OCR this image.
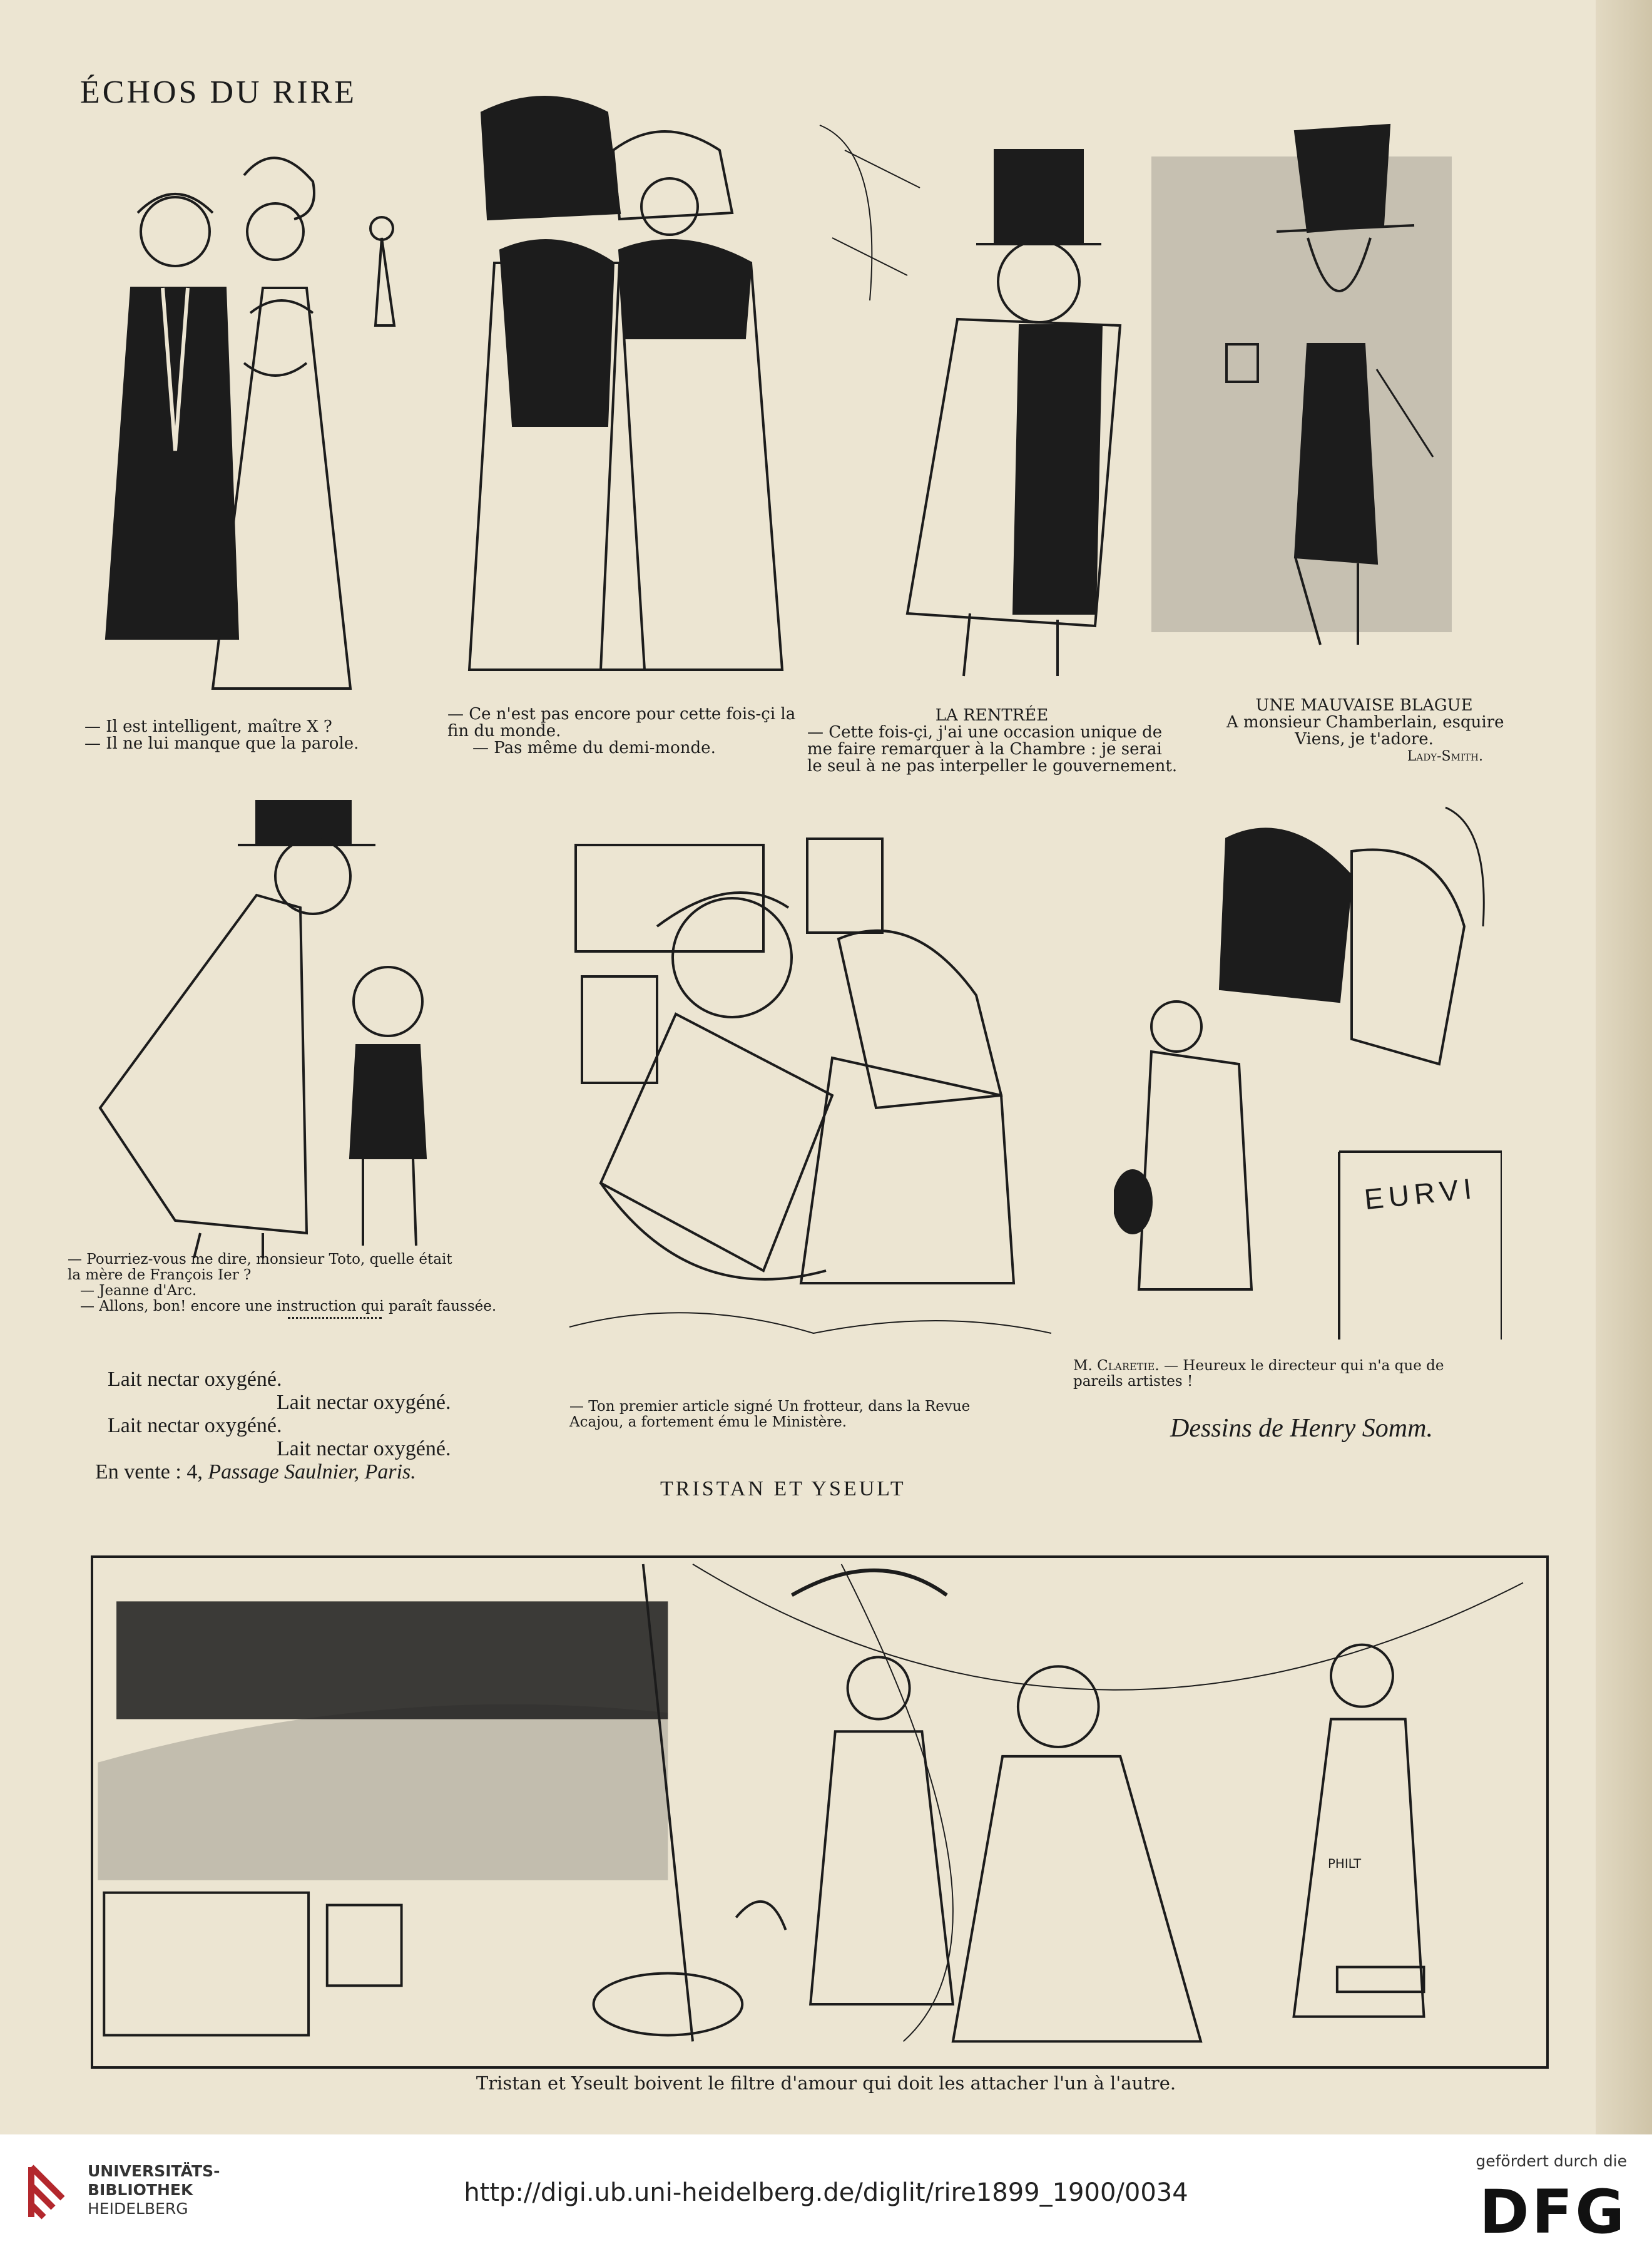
ÉCHOS DU RIRE
— Il est intelligent, maître X ?
— Il ne lui manque que la parole.
— Ce n'est pas encore pour cette fois-çi la
fin du monde.
— Pas même du demi-monde.
LA RENTRÉE
— Cette fois-çi, j'ai une occasion unique de
me faire remarquer à la Chambre : je serai
le seul à ne pas interpeller le gouvernement.
UNE MAUVAISE BLAGUE
A monsieur Chamberlain, esquire
Viens, je t'adore.
Lady-Smith.
EURVI
— Pourriez-vous me dire, monsieur Toto, quelle était
la mère de François Ier ?
— Jeanne d'Arc.
— Allons, bon! encore une instruction qui paraît faussée.
Lait nectar oxygéné.
Lait nectar oxygéné.
Lait nectar oxygéné.
Lait nectar oxygéné.
En vente : 4, Passage Saulnier, Paris.
— Ton premier article signé Un frotteur, dans la Revue
Acajou, a fortement ému le Ministère.
M. Claretie. — Heureux le directeur qui n'a que de
pareils artistes !
Dessins de Henry Somm.
TRISTAN ET YSEULT
PHILT
Tristan et Yseult boivent le filtre d'amour qui doit les attacher l'un à l'autre.
UNIVERSITÄTS-
BIBLIOTHEK
HEIDELBERG
http://digi.ub.uni-heidelberg.de/diglit/rire1899_1900/0034
gefördert durch die
DFG
